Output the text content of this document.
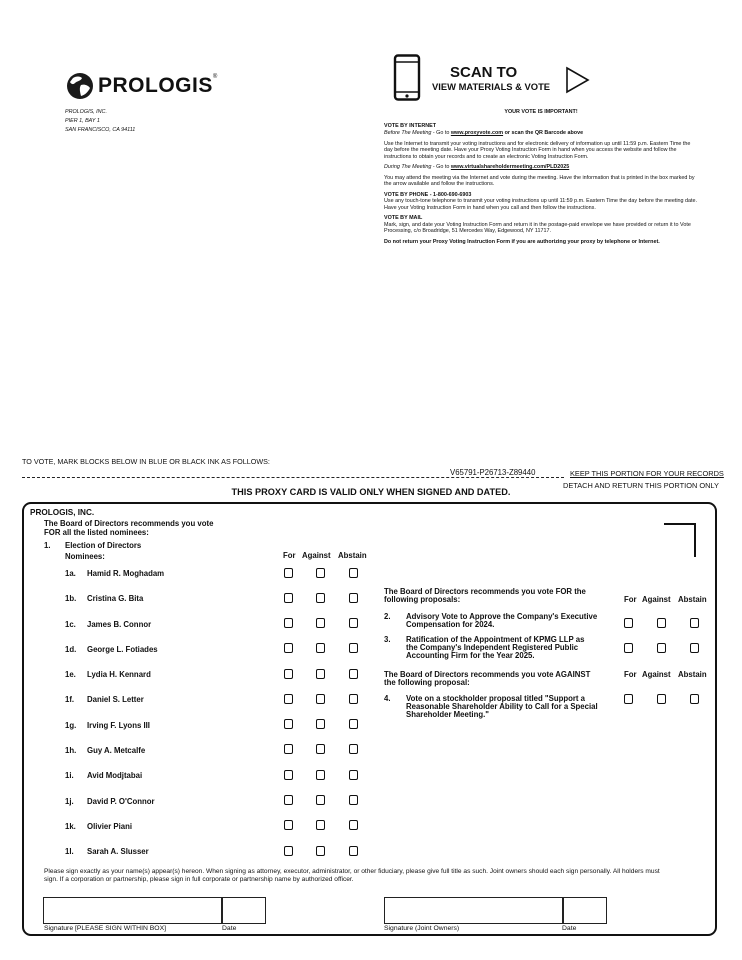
PROLOGIS®
PROLOGIS, INC.
PIER 1, BAY 1
SAN FRANCISCO, CA 94111
SCAN TO
VIEW MATERIALS & VOTE

YOUR VOTE IS IMPORTANT!

VOTE BY INTERNET

Before The Meeting - Go to www.proxyvote.com or scan the QR Barcode above

Use the Internet to transmit your voting instructions and for electronic delivery of information up until 11:59 p.m. Eastern Time the day before the meeting date. Have your Proxy Voting Instruction Form in hand when you access the website and follow the instructions to obtain your records and to create an electronic Voting Instruction Form.

During The Meeting - Go to www.virtualshareholdermeeting.com/PLD2025

You may attend the meeting via the Internet and vote during the meeting. Have the information that is printed in the box marked by the arrow available and follow the instructions.

VOTE BY PHONE - 1-800-690-6903

Use any touch-tone telephone to transmit your voting instructions up until 11:59 p.m. Eastern Time the day before the meeting date. Have your Voting Instruction Form in hand when you call and then follow the instructions.

VOTE BY MAIL

Mark, sign, and date your Voting Instruction Form and return it in the postage-paid envelope we have provided or return it to Vote Processing, c/o Broadridge, 51 Mercedes Way, Edgewood, NY 11717.

Do not return your Proxy Voting Instruction Form if you are authorizing your proxy by telephone or Internet.

TO VOTE, MARK BLOCKS BELOW IN BLUE OR BLACK INK AS FOLLOWS:
V65791-P26713-Z89440	KEEP THIS PORTION FOR YOUR RECORDS
DETACH AND RETURN THIS PORTION ONLY
THIS PROXY CARD IS VALID ONLY WHEN SIGNED AND DATED.
PROLOGIS, INC.
The Board of Directors recommends you vote
FOR all the listed nominees:
1. Election of Directors
Nominees:	For Against Abstain
1a. Hamid R. Moghadam
1b. Cristina G. Bita
1c. James B. Connor
1d. George L. Fotiades
1e. Lydia H. Kennard
1f. Daniel S. Letter
1g. Irving F. Lyons III
1h. Guy A. Metcalfe
1i. Avid Modjtabai
1j. David P. O'Connor
1k. Olivier Piani
1l. Sarah A. Slusser
The Board of Directors recommends you vote FOR the
following proposals:	For Against Abstain
2. Advisory Vote to Approve the Company's Executive
Compensation for 2024.
3. Ratification of the Appointment of KPMG LLP as
the Company's Independent Registered Public
Accounting Firm for the Year 2025.
The Board of Directors recommends you vote AGAINST
the following proposal:
For Against Abstain
4. Vote on a stockholder proposal titled "Support a
Reasonable Shareholder Ability to Call for a Special
Shareholder Meeting."
Please sign exactly as your name(s) appear(s) hereon. When signing as attorney, executor, administrator, or other fiduciary, please give full title as such. Joint owners should each sign personally. All holders must sign. If a corporation or partnership, please sign in full corporate or partnership name by authorized officer.
Signature [PLEASE SIGN WITHIN BOX]	Date	Signature (Joint Owners)	Date
